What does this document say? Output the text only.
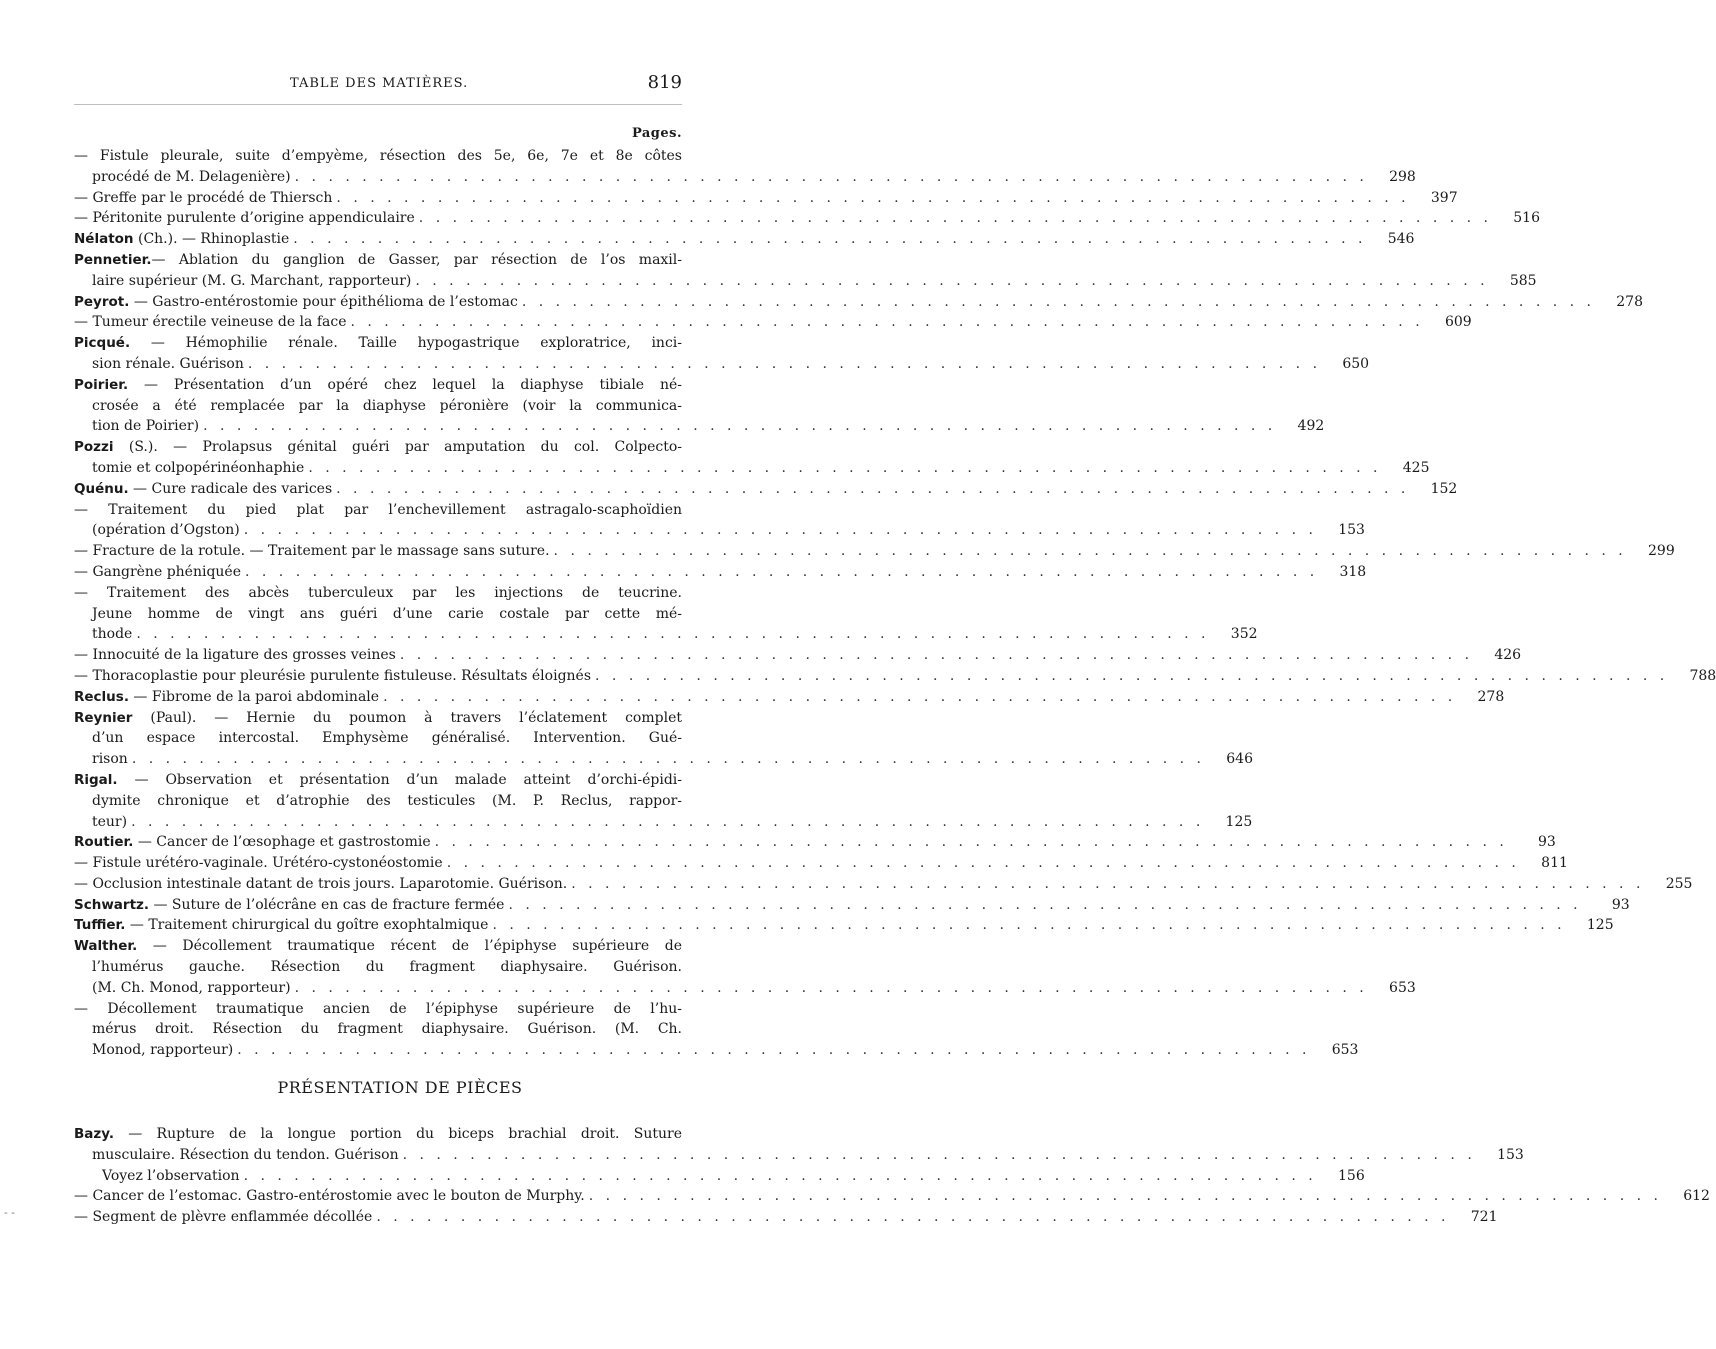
TABLE DES MATIÈRES.	819
Pages.
— Fistule pleurale, suite d’empyème, résection des 5e, 6e, 7e et 8e côtes
procédé de M. Delagenière) . . .	298
— Greffe par le procédé de Thiersch . . .	397
— Péritonite purulente d’origine appendiculaire . . .	516
Nélaton (Ch.). — Rhinoplastie . . .	546
Pennetier.— Ablation du ganglion de Gasser, par résection de l’os maxil-
laire supérieur (M. G. Marchant, rapporteur) . . .	585
Peyrot. — Gastro-entérostomie pour épithélioma de l’estomac . . .	278
— Tumeur érectile veineuse de la face . . .	609
Picqué. — Hémophilie rénale. Taille hypogastrique exploratrice, inci-
sion rénale. Guérison . . .	650
Poirier. — Présentation d’un opéré chez lequel la diaphyse tibiale né-
crosée a été remplacée par la diaphyse péronière (voir la communica-
tion de Poirier) . . .	492
Pozzi (S.). — Prolapsus génital guéri par amputation du col. Colpecto-
tomie et colpopérinéonhaphie . . .	425
Quénu. — Cure radicale des varices . . .	152
— Traitement du pied plat par l’enchevillement astragalo-scaphoïdien
(opération d’Ogston) . . .	153
— Fracture de la rotule. — Traitement par le massage sans suture. . . .	299
— Gangrène phéniquée . . .	318
— Traitement des abcès tuberculeux par les injections de teucrine.
Jeune homme de vingt ans guéri d’une carie costale par cette mé-
thode . . .	352
— Innocuité de la ligature des grosses veines . . .	426
— Thoracoplastie pour pleurésie purulente fistuleuse. Résultats éloignés . . .	788
Reclus. — Fibrome de la paroi abdominale . . .	278
Reynier (Paul). — Hernie du poumon à travers l’éclatement complet
d’un espace intercostal. Emphysème généralisé. Intervention. Gué-
rison . . .	646
Rigal. — Observation et présentation d’un malade atteint d’orchi-épidi-
dymite chronique et d’atrophie des testicules (M. P. Reclus, rappor-
teur) . . .	125
Routier. — Cancer de l’œsophage et gastrostomie . . .	93
— Fistule urétéro-vaginale. Urétéro-cystonéostomie . . .	811
— Occlusion intestinale datant de trois jours. Laparotomie. Guérison. . . .	255
Schwartz. — Suture de l’olécrâne en cas de fracture fermée . . .	93
Tuffier. — Traitement chirurgical du goître exophtalmique . . .	125
Walther. — Décollement traumatique récent de l’épiphyse supérieure de
l’humérus gauche. Résection du fragment diaphysaire. Guérison.
(M. Ch. Monod, rapporteur) . . .	653
— Décollement traumatique ancien de l’épiphyse supérieure de l’hu-
mérus droit. Résection du fragment diaphysaire. Guérison. (M. Ch.
Monod, rapporteur) . . .	653
PRÉSENTATION DE PIÈCES
Bazy. — Rupture de la longue portion du biceps brachial droit. Suture
musculaire. Résection du tendon. Guérison . . .	153
Voyez l’observation . . .	156
— Cancer de l’estomac. Gastro-entérostomie avec le bouton de Murphy. . . .	612
— Segment de plèvre enflammée décollée . . .	721
‐ ‐
